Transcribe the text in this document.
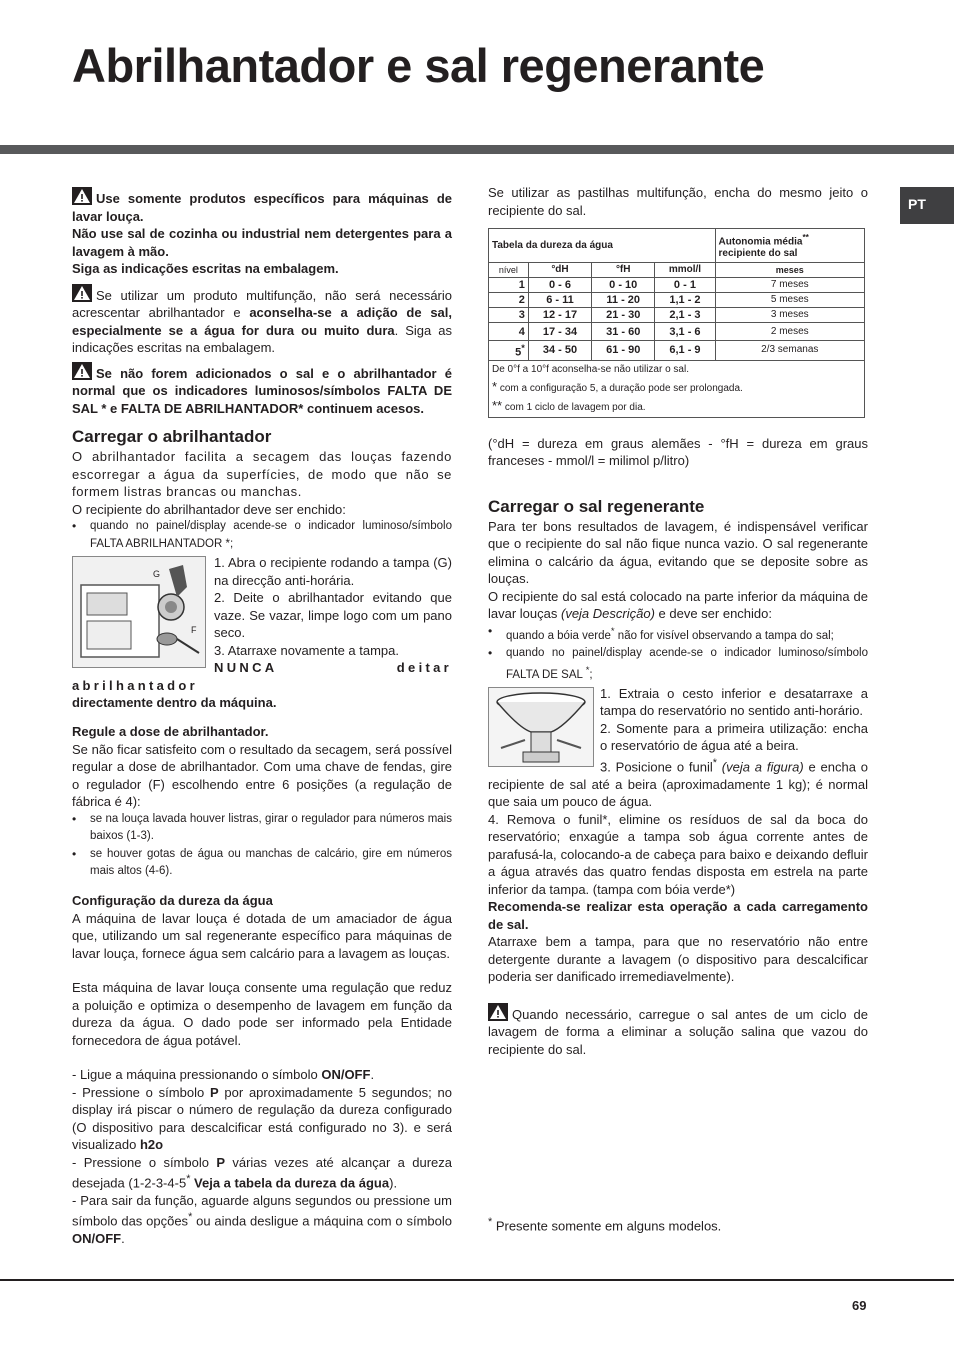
Abrilhantador e sal regenerante
PT

Use somente produtos específicos para máquinas de lavar louça.
Não use sal de cozinha ou industrial nem detergentes para a lavagem à mão.
Siga as indicações escritas na embalagem.

Se utilizar um produto multifunção, não será necessário acrescentar abrilhantador e aconselha-se a adição de sal, especialmente se a água for dura ou muito dura. Siga as indicações escritas na embalagem.

Se não forem adicionados o sal e o abrilhantador é normal que os indicadores luminosos/símbolos FALTA DE SAL * e FALTA DE ABRILHANTADOR* continuem acesos.

Carregar o abrilhantador

O abrilhantador facilita a secagem das louças fazendo escorregar a água da superfícies, de modo que não se formem listras brancas ou manchas.

O recipiente do abrilhantador deve ser enchido:

• quando no painel/display acende-se o indicador luminoso/símbolo FALTA ABRILHANTADOR *;
G
F

1. Abra o recipiente rodando a tampa (G) na direcção anti-horária.

2. Deite o abrilhantador evitando que vaze. Se vazar, limpe logo com um pano seco.

3. Atarraxe novamente a tampa.

NUNCA deitar abrilhantador

directamente dentro da máquina.

Regule a dose de abrilhantador.

Se não ficar satisfeito com o resultado da secagem, será possível regular a dose de abrilhantador. Com uma chave de fendas, gire o regulador (F) escolhendo entre 6 posições (a regulação de fábrica é 4):

• se na louça lavada houver listras, girar o regulador para números mais baixos (1-3).
• se houver gotas de água ou manchas de calcário, gire em números mais altos (4-6).
Configuração da dureza da água

A máquina de lavar louça é dotada de um amaciador de água que, utilizando um sal regenerante específico para máquinas de lavar louça, fornece água sem calcário para a lavagem as louças.

Esta máquina de lavar louça consente uma regulação que reduz a poluição e optimiza o desempenho de lavagem em função da dureza da água. O dado pode ser informado pela Entidade fornecedora de água potável.

- Ligue a máquina pressionando o símbolo ON/OFF.

- Pressione o símbolo P por aproximadamente 5 segundos; no display irá piscar o número de regulação da dureza configurado (O dispositivo para descalcificar está configurado no 3). e será visualizado h2o

- Pressione o símbolo P várias vezes até alcançar a dureza desejada (1-2-3-4-5* Veja a tabela da dureza da água).

- Para sair da função, aguarde alguns segundos ou pressione um símbolo das opções* ou ainda desligue a máquina com o símbolo ON/OFF.

Se utilizar as pastilhas multifunção, encha do mesmo jeito o recipiente do sal.

Tabela da dureza da água				Autonomia média**
recipiente do sal
nível	°dH	°fH	mmol/l	meses
1	0 - 6	0 - 10	0 - 1	7 meses
2	6 - 11	11 - 20	1,1 - 2	5 meses
3	12 - 17	21 - 30	2,1 - 3	3 meses
4	17 - 34	31 - 60	3,1 - 6	2 meses
5*	34 - 50	61 - 90	6,1 - 9	2/3 semanas

De 0°f a 10°f aconselha-se não utilizar o sal.
* com a configuração 5, a duração pode ser prolongada.
** com 1 ciclo de lavagem por dia.				

(°dH = dureza em graus alemães - °fH = dureza em graus franceses - mmol/l = milimol p/litro)

Carregar o sal regenerante

Para ter bons resultados de lavagem, é indispensável verificar que o recipiente do sal não fique nunca vazio. O sal regenerante elimina o calcário da água, evitando que se deposite sobre as louças.

O recipiente do sal está colocado na parte inferior da máquina de lavar louças (veja Descrição) e deve ser enchido:

• quando a bóia verde* não for visível observando a tampa do sal;
• quando no painel/display acende-se o indicador luminoso/símbolo FALTA DE SAL *;

1. Extraia o cesto inferior e desatarraxe a tampa do reservatório no sentido anti-horário.

2. Somente para a primeira utilização: encha o reservatório de água até a beira.

3. Posicione o funil* (veja a figura) e encha o recipiente de sal até a beira (aproximadamente 1 kg); é normal que saia um pouco de água.

4. Remova o funil*, elimine os resíduos de sal da boca do reservatório; enxagúe a tampa sob água corrente antes de parafusá-la, colocando-a de cabeça para baixo e deixando defluir a água através das quatro fendas disposta em estrela na parte inferior da tampa. (tampa com bóia verde*)

Recomenda-se realizar esta operação a cada carregamento de sal.

Atarraxe bem a tampa, para que no reservatório não entre detergente durante a lavagem (o dispositivo para descalcificar poderia ser danificado irremediavelmente).

Quando necessário, carregue o sal antes de um ciclo de lavagem de forma a eliminar a solução salina que vazou do recipiente do sal.

* Presente somente em alguns modelos.
69
